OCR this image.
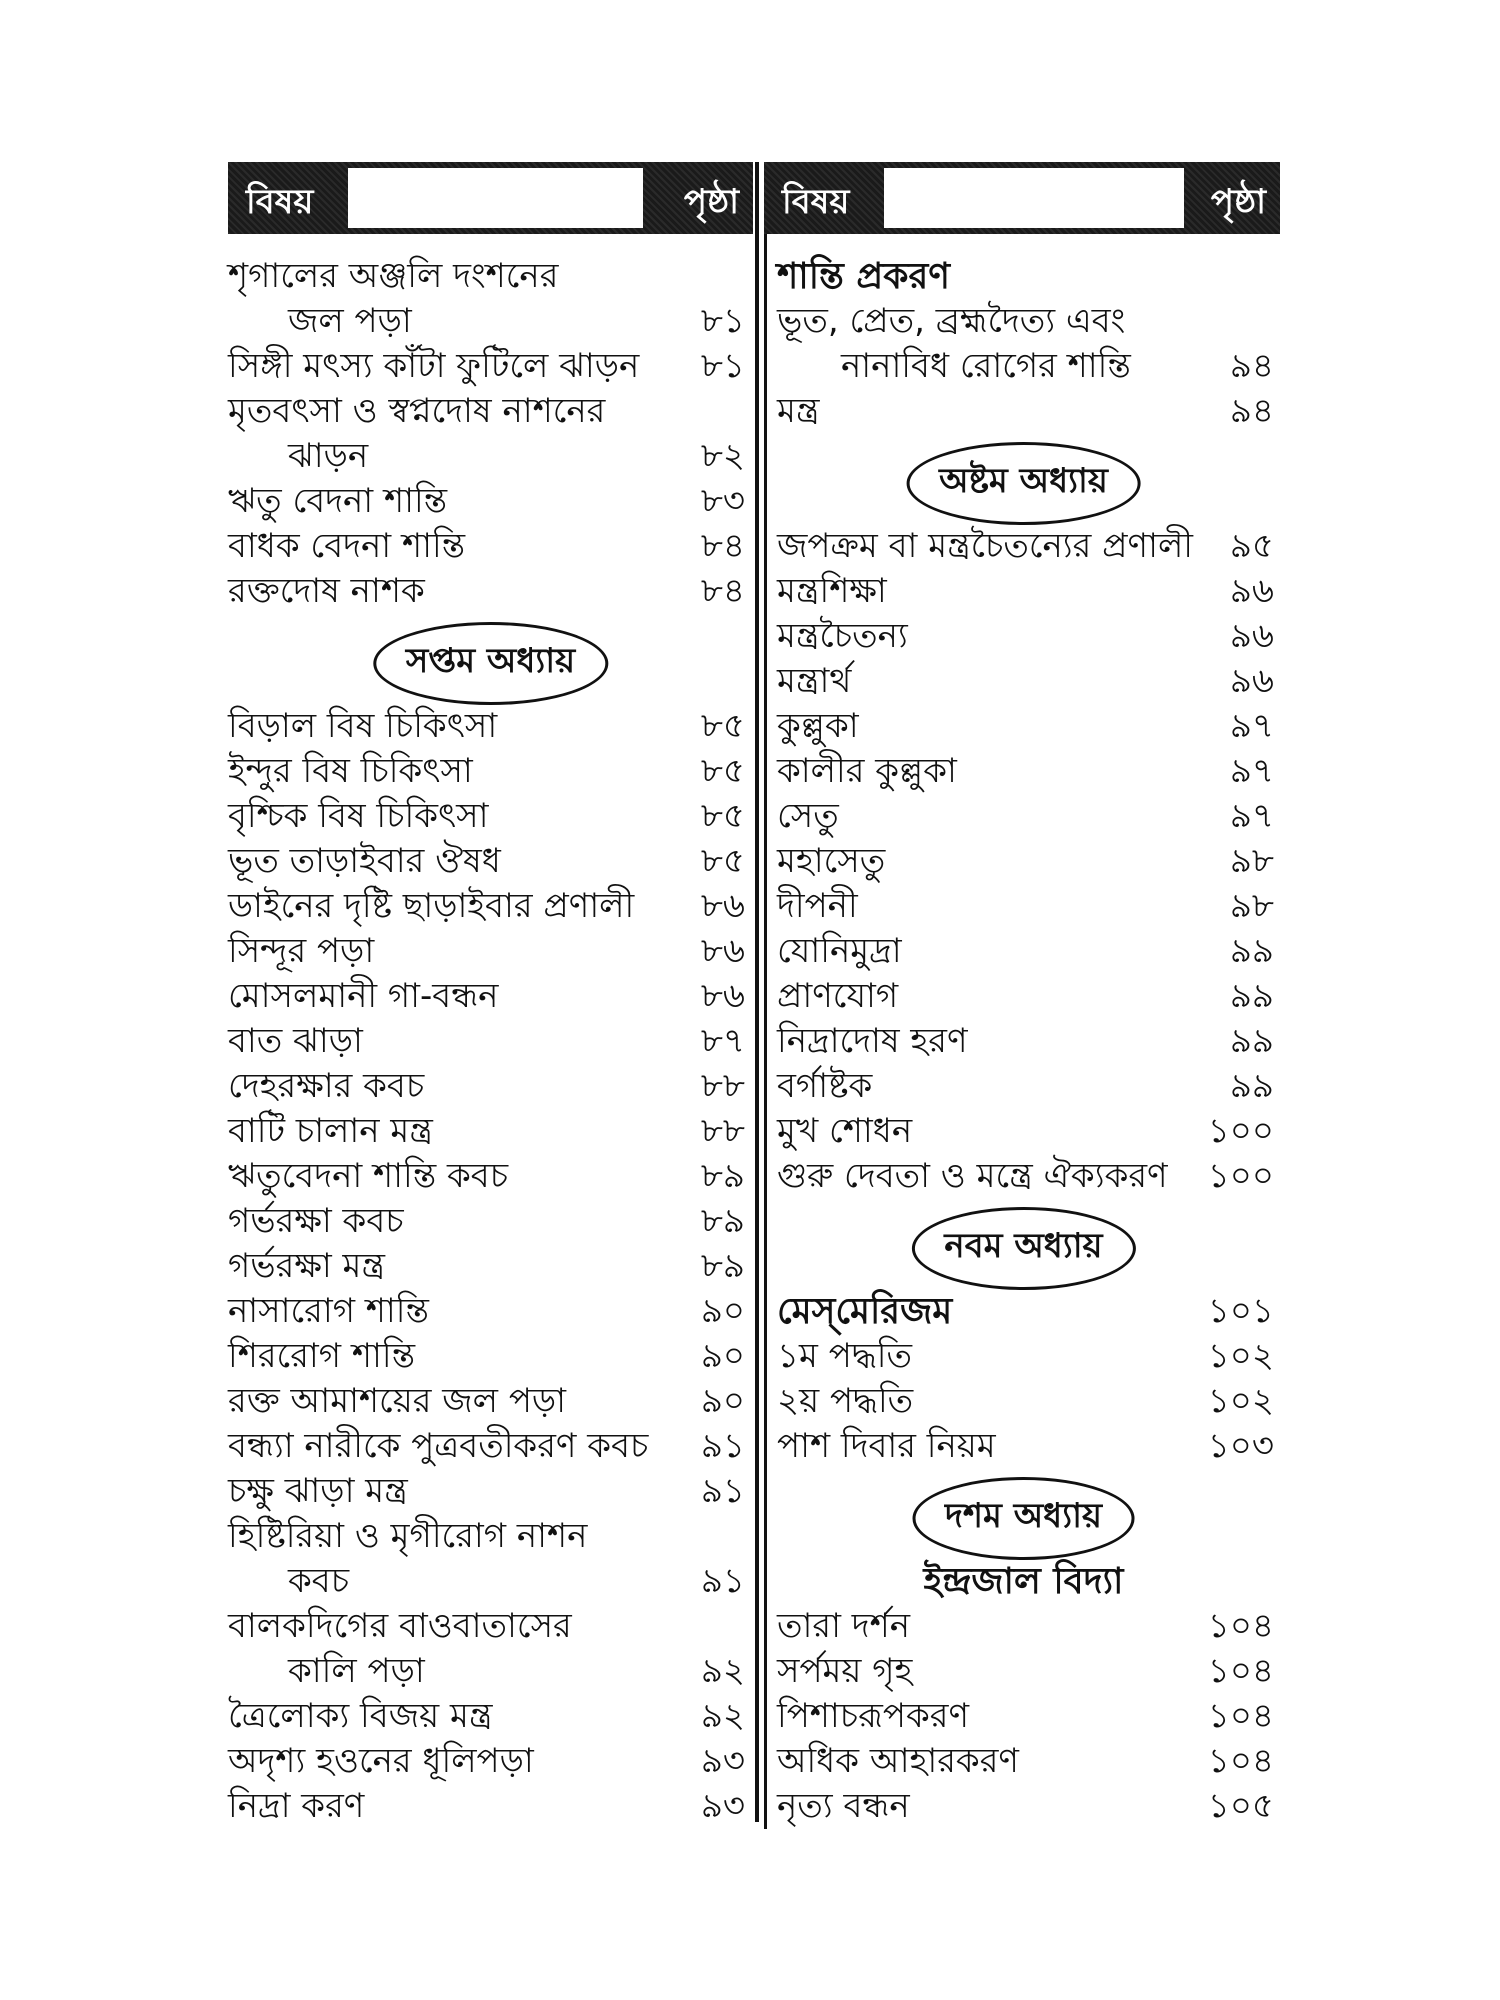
বিষয়	পৃষ্ঠা
শৃগালের অঞ্জলি দংশনের
জল পড়া	৮১
সিঙ্গী মৎস্য কাঁটা ফুটিলে ঝাড়ন ৮১
মৃতবৎসা ও স্বপ্নদোষ নাশনের
ঝাড়ন	৮২
ঋতু বেদনা শান্তি	৮৩
বাধক বেদনা শান্তি	৮৪
রক্তদোষ নাশক	৮৪
সপ্তম অধ্যায়
বিড়াল বিষ চিকিৎসা	৮৫
ইন্দুর বিষ চিকিৎসা	৮৫
বৃশ্চিক বিষ চিকিৎসা	৮৫
ভূত তাড়াইবার ঔষধ	৮৫
ডাইনের দৃষ্টি ছাড়াইবার প্রণালী ৮৬
সিন্দূর পড়া	৮৬
মোসলমানী গা-বন্ধন	৮৬
বাত ঝাড়া	৮৭
দেহরক্ষার কবচ	৮৮
বাটি চালান মন্ত্র	৮৮
ঋতুবেদনা শান্তি কবচ	৮৯
গর্ভরক্ষা কবচ	৮৯
গর্ভরক্ষা মন্ত্র	৮৯
নাসারোগ শান্তি	৯০
শিররোগ শান্তি	৯০
রক্ত আমাশয়ের জল পড়া	৯০
বন্ধ্যা নারীকে পুত্রবতীকরণ কবচ ৯১
চক্ষু ঝাড়া মন্ত্র	৯১
হিষ্টিরিয়া ও মৃগীরোগ নাশন
কবচ	৯১
বালকদিগের বাওবাতাসের
কালি পড়া	৯২
ত্রৈলোক্য বিজয় মন্ত্র	৯২
অদৃশ্য হওনের ধূলিপড়া	৯৩
নিদ্রা করণ	৯৩
বিষয়	পৃষ্ঠা
শান্তি প্রকরণ
ভূত, প্রেত, ব্রহ্মদৈত্য এবং
নানাবিধ রোগের শান্তি	৯৪
মন্ত্র	৯৪
অষ্টম অধ্যায়
জপক্রম বা মন্ত্রচৈতন্যের প্রণালী ৯৫
মন্ত্রশিক্ষা	৯৬
মন্ত্রচৈতন্য	৯৬
মন্ত্রার্থ	৯৬
কুল্লুকা	৯৭
কালীর কুল্লুকা	৯৭
সেতু	৯৭
মহাসেতু	৯৮
দীপনী	৯৮
যোনিমুদ্রা	৯৯
প্রাণযোগ	৯৯
নিদ্রাদোষ হরণ	৯৯
বর্গাষ্টক	৯৯
মুখ শোধন	১০০
গুরু দেবতা ও মন্ত্রে ঐক্যকরণ ১০০
নবম অধ্যায়
মেস্‌মেরিজম	১০১
১ম পদ্ধতি	১০২
২য় পদ্ধতি	১০২
পাশ দিবার নিয়ম	১০৩
দশম অধ্যায়
ইন্দ্রজাল বিদ্যা
তারা দর্শন	১০৪
সর্পময় গৃহ	১০৪
পিশাচরূপকরণ	১০৪
অধিক আহারকরণ	১০৪
নৃত্য বন্ধন	১০৫
